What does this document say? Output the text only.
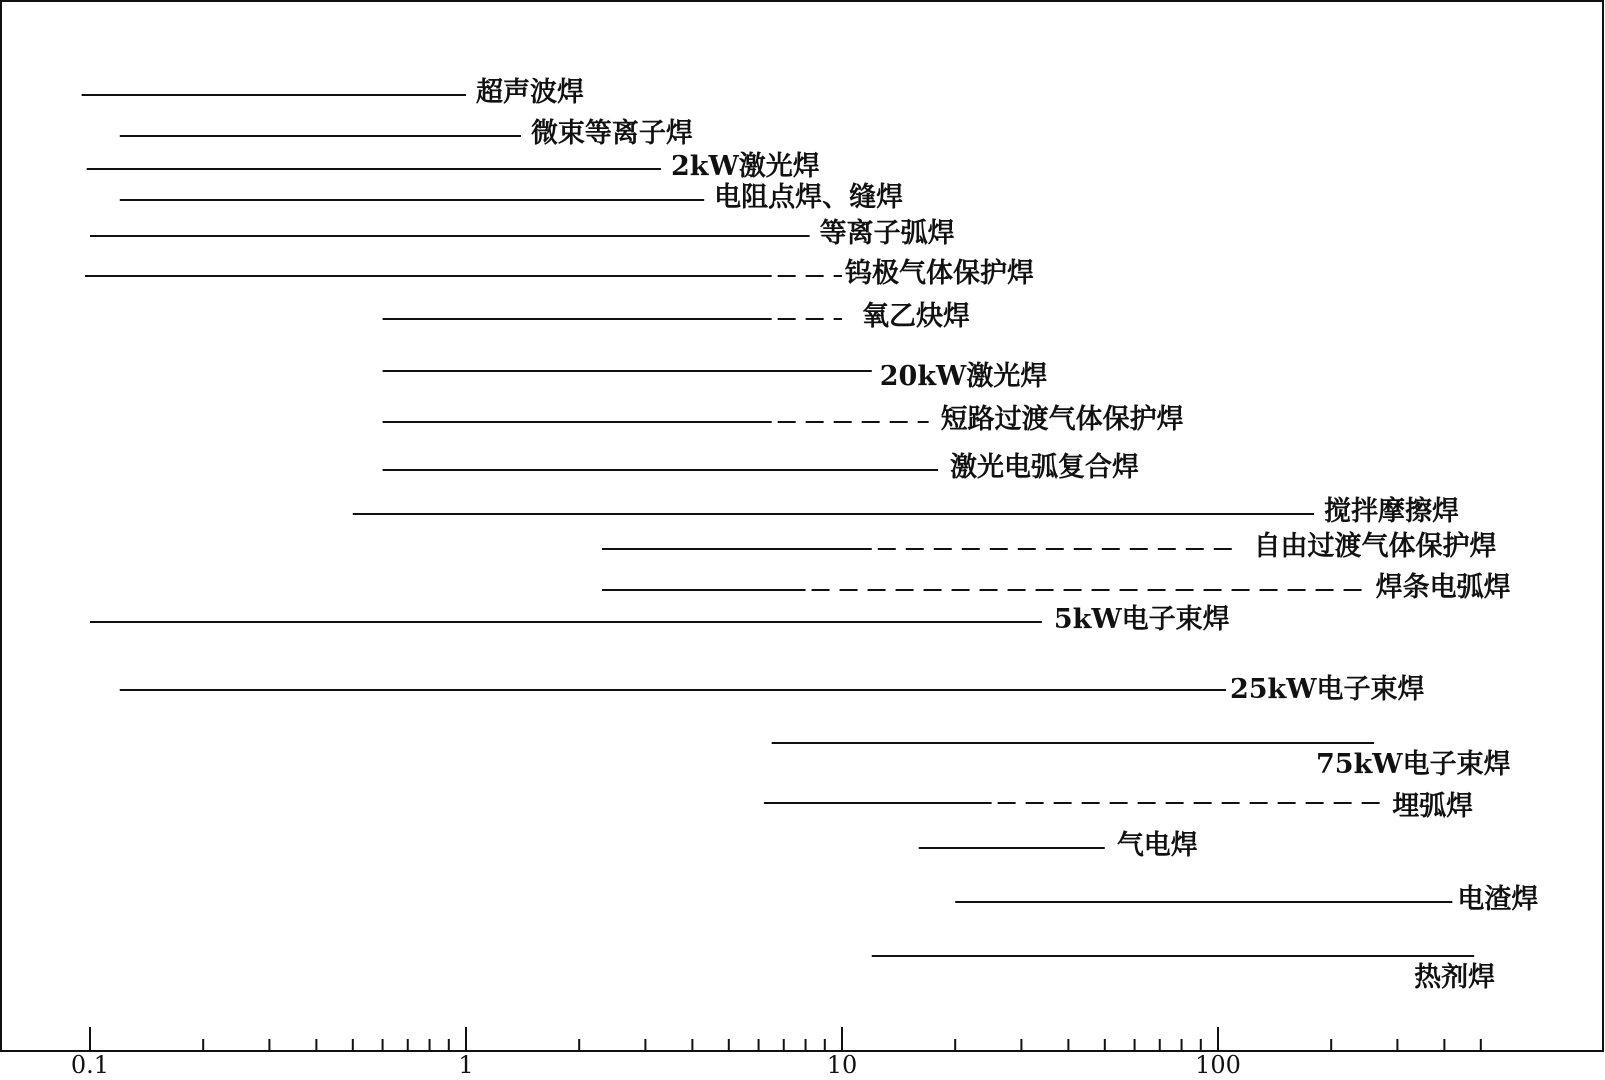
0.1	1	10	100
超声波焊
微束等离子焊
2kW激光焊
电阻点焊、缝焊
等离子弧焊
钨极气体保护焊
氧乙炔焊
20kW激光焊
短路过渡气体保护焊
激光电弧复合焊
搅拌摩擦焊
自由过渡气体保护焊
焊条电弧焊
5kW电子束焊
25kW电子束焊
75kW电子束焊
埋弧焊
气电焊
电渣焊
热剂焊
